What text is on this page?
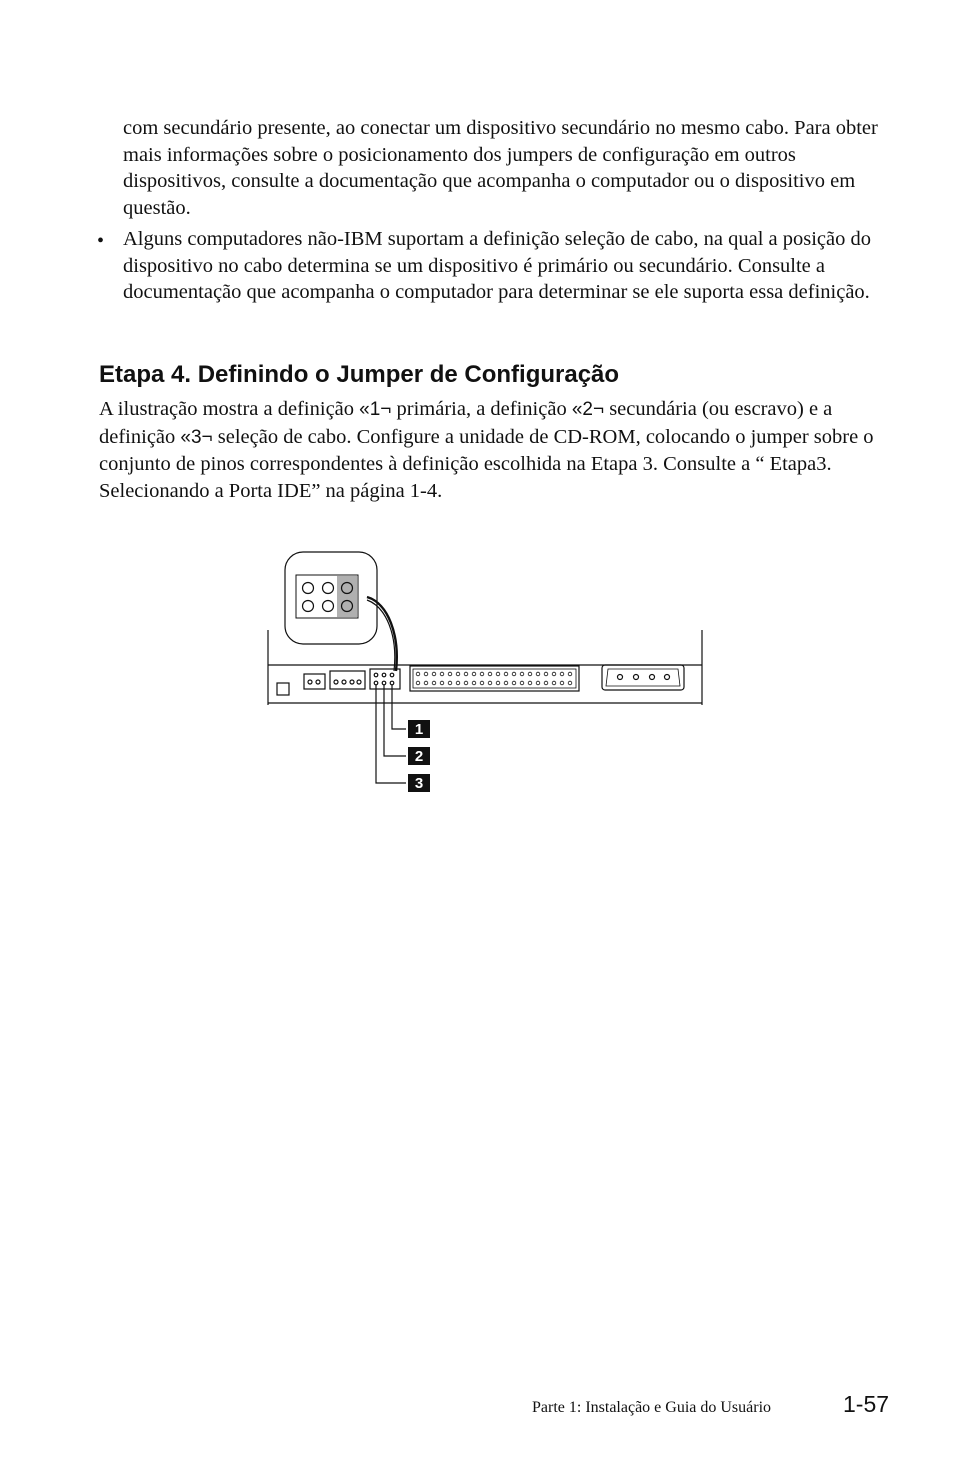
com secundário presente, ao conectar um dispositivo secundário no mesmo cabo. Para obter mais informações sobre o posicionamento dos jumpers de configuração em outros dispositivos, consulte a documentação que acompanha o computador ou o dispositivo em questão.

• Alguns computadores não-IBM suportam a definição seleção de cabo, na qual a posição do dispositivo no cabo determina se um dispositivo é primário ou secundário. Consulte a documentação que acompanha o computador para determinar se ele suporta essa definição.

Etapa 4. Definindo o Jumper de Configuração

A ilustração mostra a definição «1¬ primária, a definição «2¬ secundária (ou escravo) e a definição «3¬ seleção de cabo. Configure a unidade de CD-ROM, colocando o jumper sobre o conjunto de pinos correspondentes à definição escolhida na Etapa 3. Consulte a “ Etapa3. Selecionando a Porta IDE” na página 1-4.

1
2
3
Parte 1: Instalação e Guia do Usuário	1-57
